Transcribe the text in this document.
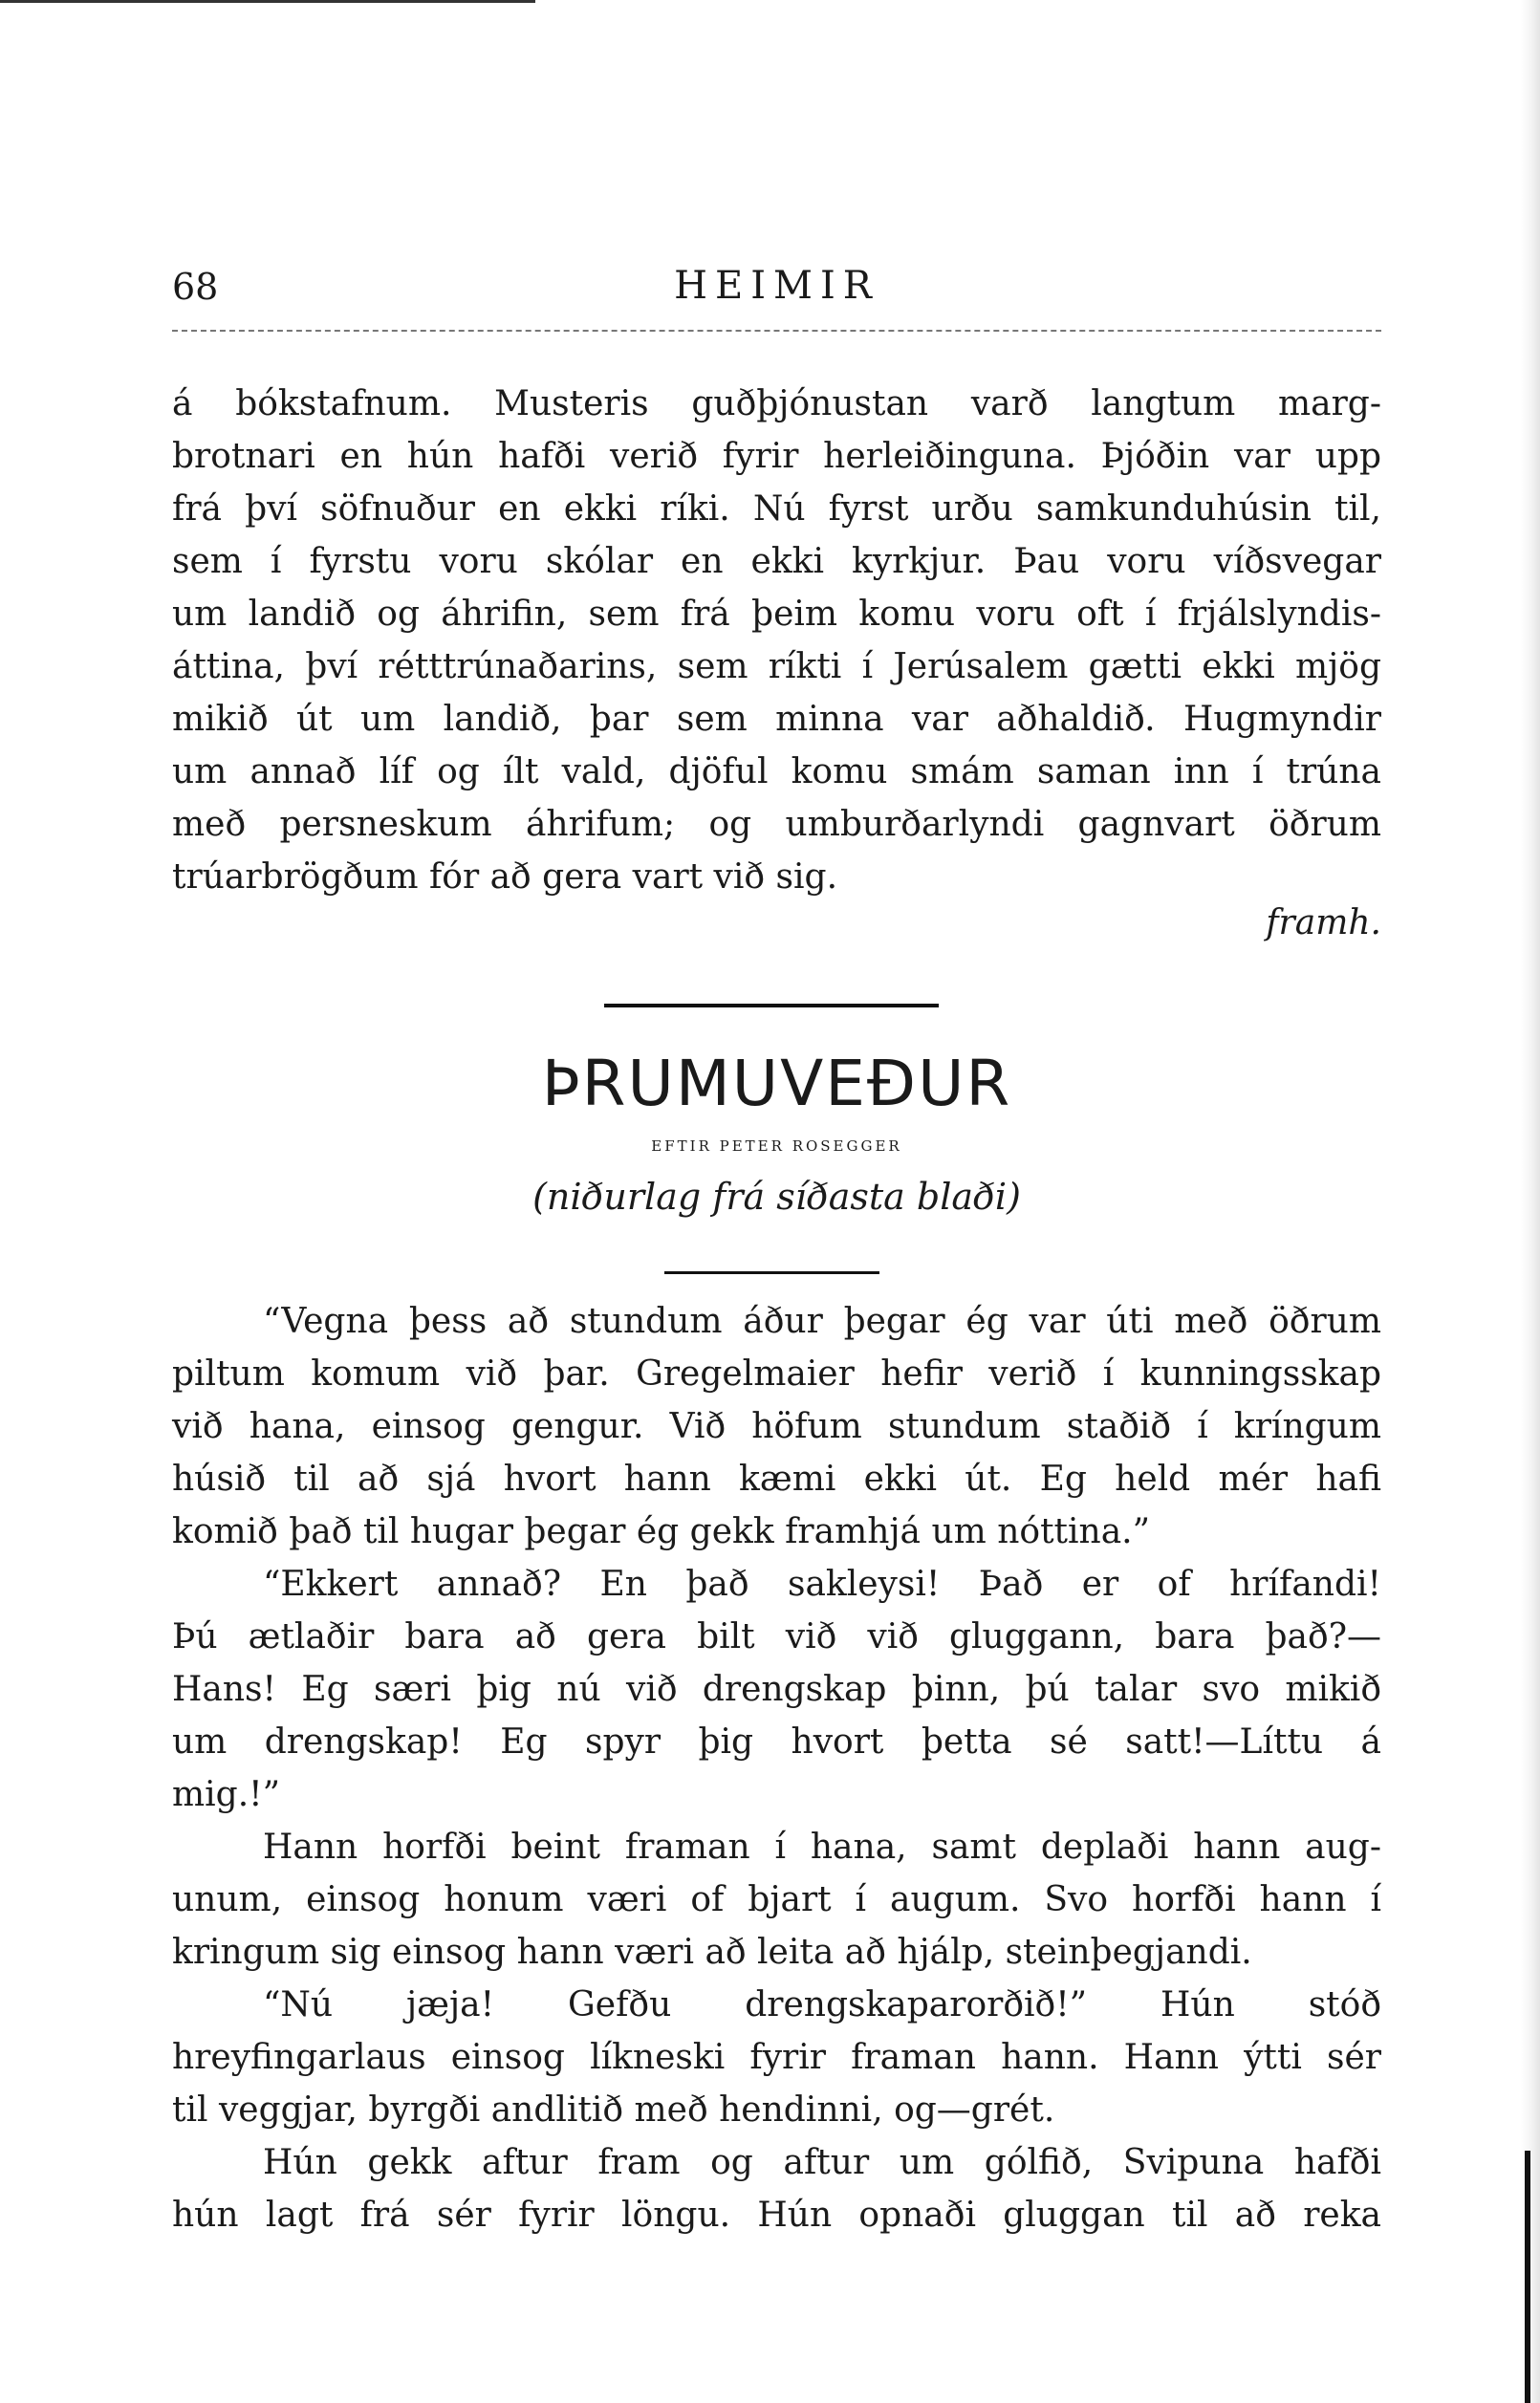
68	HEIMIR
á bókstafnum. Musteris guðþjónustan varð langtum marg-
brotnari en hún hafði verið fyrir herleiðinguna. Þjóðin var upp
frá því söfnuður en ekki ríki. Nú fyrst urðu samkunduhúsin til,
sem í fyrstu voru skólar en ekki kyrkjur. Þau voru víðsvegar
um landið og áhrifin, sem frá þeim komu voru oft í frjálslyndis-
áttina, því rétttrúnaðarins, sem ríkti í Jerúsalem gætti ekki mjög
mikið út um landið, þar sem minna var aðhaldið. Hugmyndir
um annað líf og ílt vald, djöful komu smám saman inn í trúna
með persneskum áhrifum; og umburðarlyndi gagnvart öðrum
trúarbrögðum fór að gera vart við sig.
framh.
ÞRUMUVEÐUR
EFTIR PETER ROSEGGER
(niðurlag frá síðasta blaði)
“Vegna þess að stundum áður þegar ég var úti með öðrum
piltum komum við þar. Gregelmaier hefir verið í kunningsskap
við hana, einsog gengur. Við höfum stundum staðið í kríngum
húsið til að sjá hvort hann kæmi ekki út. Eg held mér hafi
komið það til hugar þegar ég gekk framhjá um nóttina.”
“Ekkert annað? En það sakleysi! Það er of hrífandi!
Þú ætlaðir bara að gera bilt við við gluggann, bara það?—
Hans! Eg særi þig nú við drengskap þinn, þú talar svo mikið
um drengskap! Eg spyr þig hvort þetta sé satt!—Líttu á
mig.!”
Hann horfði beint framan í hana, samt deplaði hann aug-
unum, einsog honum væri of bjart í augum. Svo horfði hann í
kringum sig einsog hann væri að leita að hjálp, steinþegjandi.
“Nú jæja! Gefðu drengskaparorðið!” Hún stóð
hreyfingarlaus einsog líkneski fyrir framan hann. Hann ýtti sér
til veggjar, byrgði andlitið með hendinni, og—grét.
Hún gekk aftur fram og aftur um gólfið, Svipuna hafði
hún lagt frá sér fyrir löngu. Hún opnaði gluggan til að reka
